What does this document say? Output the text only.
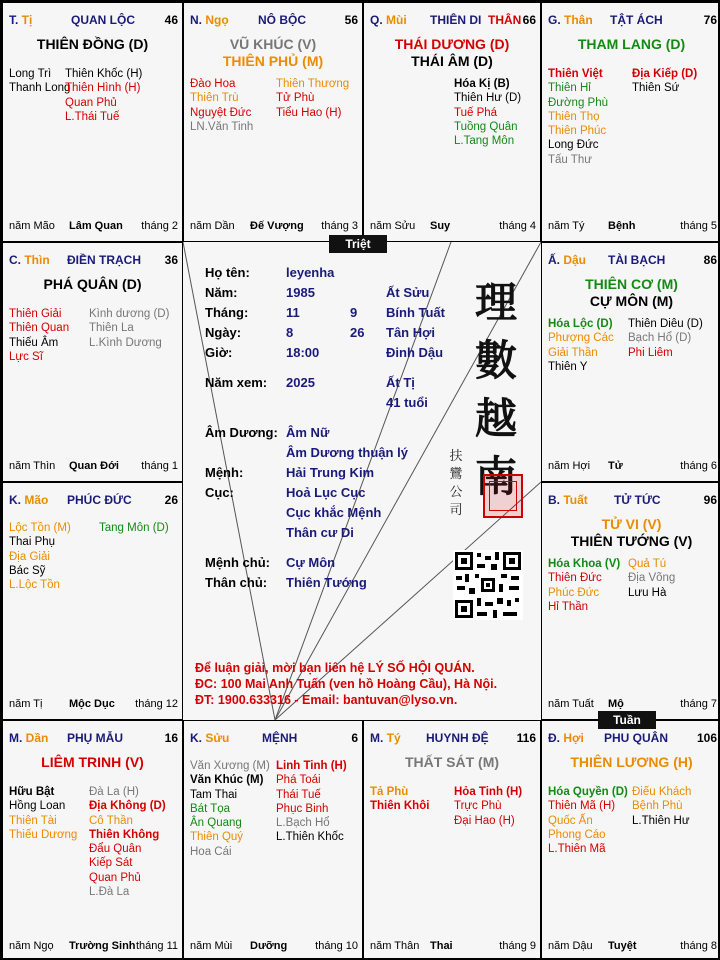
T. Tị	QUAN LỘC 46
THIÊN ĐỒNG (D)
Long Trì
Thanh Long
Thiên Khốc (H)
Thiên Hình (H)
Quan Phủ
L.Thái Tuế
năm Mão Lâm Quan tháng 2
N. Ngọ NÔ BỘC	56
VŨ KHÚC (V)
THIÊN PHỦ (M)
Đào Hoa
Thiên Trù
Nguyệt Đức
LN.Văn Tinh
Thiên Thương
Tử Phù
Tiểu Hao (H)
năm Dần Đế Vượng tháng 3
Q. Mùi THIÊN DI THÂN 66
THÁI DƯƠNG (D)
THÁI ÂM (D)
Hóa Kị (B)
Thiên Hư (D)
Tuế Phá
Tuồng Quân
L.Tang Môn
năm Sửu Suy	tháng 4
G. Thân TẬT ÁCH	76
THAM LANG (D)
Thiên Việt
Thiên Hỉ
Đường Phù
Thiên Thọ
Thiên Phúc
Long Đức
Tấu Thư
Địa Kiếp (D)
Thiên Sứ
năm Tý Bệnh	tháng 5
C. Thìn ĐIỀN TRẠCH 36
PHÁ QUÂN (D)
Thiên Giải
Thiên Quan
Thiếu Âm
Lực Sĩ
Kình dương (D)
Thiên La
L.Kình Dương
năm Thìn Quan Đới tháng 1
Ấ. Dậu TÀI BẠCH	86
THIÊN CƠ (M)
CỰ MÔN (M)
Hóa Lộc (D)
Phượng Các
Giải Thần
Thiên Y
Thiên Diêu (D)
Bạch Hổ (D)
Phi Liêm
năm Hợi Tử	tháng 6
K. Mão PHÚC ĐỨC	26
Lộc Tồn (M)
Thai Phụ
Địa Giải
Bác Sỹ
L.Lộc Tồn
Tang Môn (D)
năm Tị Mộc Dục tháng 12
B. Tuất TỬ TỨC	96
TỬ VI (V)
THIÊN TƯỚNG (V)
Hóa Khoa (V)
Thiên Đức
Phúc Đức
Hỉ Thần
Quả Tú
Địa Võng
Lưu Hà
năm Tuất Mộ	tháng 7
M. Dần PHỤ MẪU	16
LIÊM TRINH (V)
Hữu Bật
Hồng Loan
Thiên Tài
Thiếu Dương
Đà La (H)
Địa Không (D)
Cô Thần
Thiên Không
Đẩu Quân
Kiếp Sát
Quan Phủ
L.Đà La
năm Ngọ Trường Sinh tháng 11
K. Sửu	MỆNH	6
Văn Xương (M)
Văn Khúc (M)
Tam Thai
Bát Tọa
Ân Quang
Thiên Quý
Hoa Cái
Linh Tinh (H)
Phá Toái
Thái Tuế
Phục Binh
L.Bạch Hổ
L.Thiên Khốc
năm Mùi Dưỡng	tháng 10
M. Tý HUYNH ĐỆ 116
THẤT SÁT (M)
Tả Phù
Thiên Khôi
Hỏa Tinh (H)
Trực Phù
Đại Hao (H)
năm Thân Thai	tháng 9
Đ. Hợi PHU QUÂN 106
THIÊN LƯƠNG (H)
Hóa Quyền (D)
Thiên Mã (H)
Quốc Ấn
Phong Cáo
L.Thiên Mã
Điếu Khách
Bệnh Phù
L.Thiên Hư
năm Dậu Tuyệt	tháng 8
Họ tên:	leyenha
Năm:	1985	Ất Sửu
Tháng:	11	9 Bính Tuất
Ngày:	8	26 Tân Hợi
Giờ:	18:00	Đinh Dậu
Năm xem: 2025	Ất Tị
41 tuổi
Âm Dương: Âm Nữ
Âm Dương thuận lý
Mệnh:	Hải Trung Kim
Cục:	Hoả Lục Cục
Cục khắc Mệnh
Thân cư Di
Mệnh chủ: Cự Môn
Thân chủ: Thiên Tướng
理
數
越
南
扶 鸞 公 司
Để luận giải, mời bạn liên hệ LÝ SỐ HỘI QUÁN.
ĐC: 100 Mai Anh Tuấn (ven hồ Hoàng Cầu), Hà Nội.
ĐT: 1900.633316 - Email: bantuvan@lyso.vn.
Triệt
Tuần
